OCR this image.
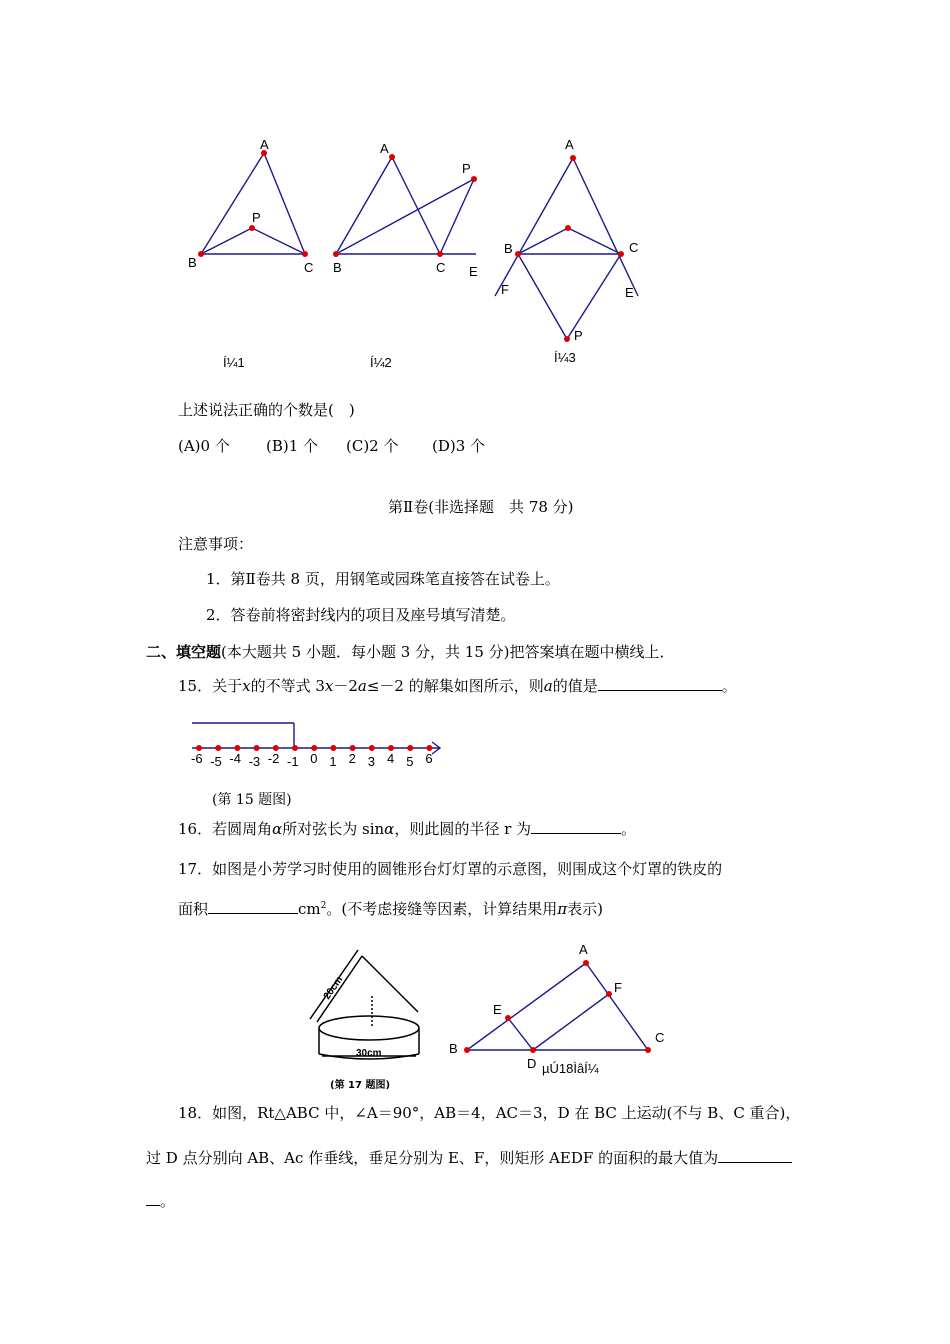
A
B	C
P
Í¼1
A
B	C
P
E
Í¼2
A
B	C
F	E
P
Í¼3
上述说法正确的个数是(　)
(A)0 个 (B)1 个 (C)2 个 (D)3 个
第Ⅱ卷(非选择题　共 78 分)
注意事项：
1．第Ⅱ卷共 8 页，用钢笔或园珠笔直接答在试卷上。
2．答卷前将密封线内的项目及座号填写清楚。
二、填空题(本大题共 5 小题．每小题 3 分，共 15 分)把答案填在题中横线上．
15．关于x的不等式 3x－2a≤－2 的解集如图所示，则a的值是	。
-6 -5 -4 -3 -2 -1 0 1 2 3 4 5 6
(第 15 题图)
16．若圆周角α所对弦长为 sinα，则此圆的半径 r 为	。
17．如图是小芳学习时使用的圆锥形台灯灯罩的示意图，则围成这个灯罩的铁皮的
面积	$cm^2$。(不考虑接缝等因素，计算结果用π表示)
20cm
30cm
(第 17 题图)
A
B
C
D
E
F
µÚ18ÌâÍ¼
18．如图，Rt△ABC 中，∠A＝90°，AB＝4，AC＝3，D 在 BC 上运动(不与 B、C 重合)，
过 D 点分别向 AB、Ac 作垂线，垂足分别为 E、F，则矩形 AEDF 的面积的最大值为
。
